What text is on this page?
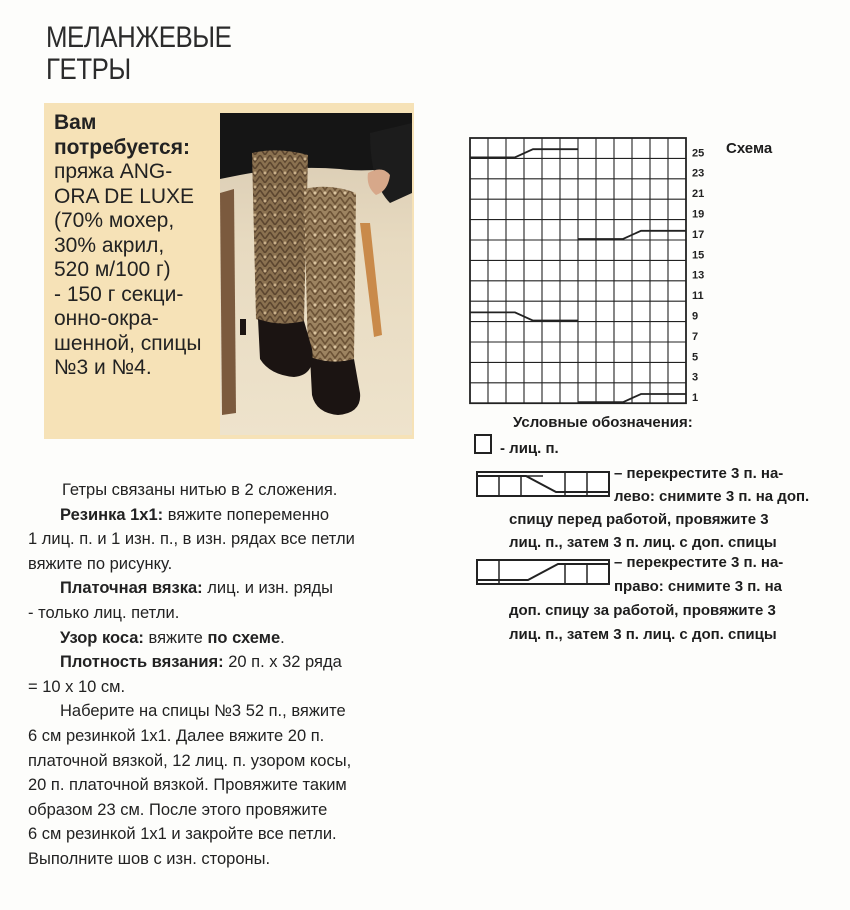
МЕЛАНЖЕВЫЕ
ГЕТРЫ
Вам
потребуется:
пряжа ANG-
ORA DE LUXE
(70% мохер,
30% акрил,
520 м/100 г)
- 150 г секци-
онно-окра-
шенной, спицы
№3 и №4.
Гетры связаны нитью в 2 сложения.
Резинка 1х1: вяжите попеременно
1 лиц. п. и 1 изн. п., в изн. рядах все петли
вяжите по рисунку.
Платочная вязка: лиц. и изн. ряды
- только лиц. петли.
Узор коса: вяжите по схеме.
Плотность вязания: 20 п. х 32 ряда
= 10 х 10 см.
Наберите на спицы №3 52 п., вяжите
6 см резинкой 1х1. Далее вяжите 20 п.
платочной вязкой, 12 лиц. п. узором косы,
20 п. платочной вязкой. Провяжите таким
образом 23 см. После этого провяжите
6 см резинкой 1х1 и закройте все петли.
Выполните шов с изн. стороны.
Схема
25
23
21
19
17
15
13
11
9
7
5
3
1
Условные обозначения:
- лиц. п.
– перекрестите 3 п. на-
лево: снимите 3 п. на доп.
спицу перед работой, провяжите 3
лиц. п., затем 3 п. лиц. с доп. спицы
– перекрестите 3 п. на-
право: снимите 3 п. на
доп. спицу за работой, провяжите 3
лиц. п., затем 3 п. лиц. с доп. спицы
